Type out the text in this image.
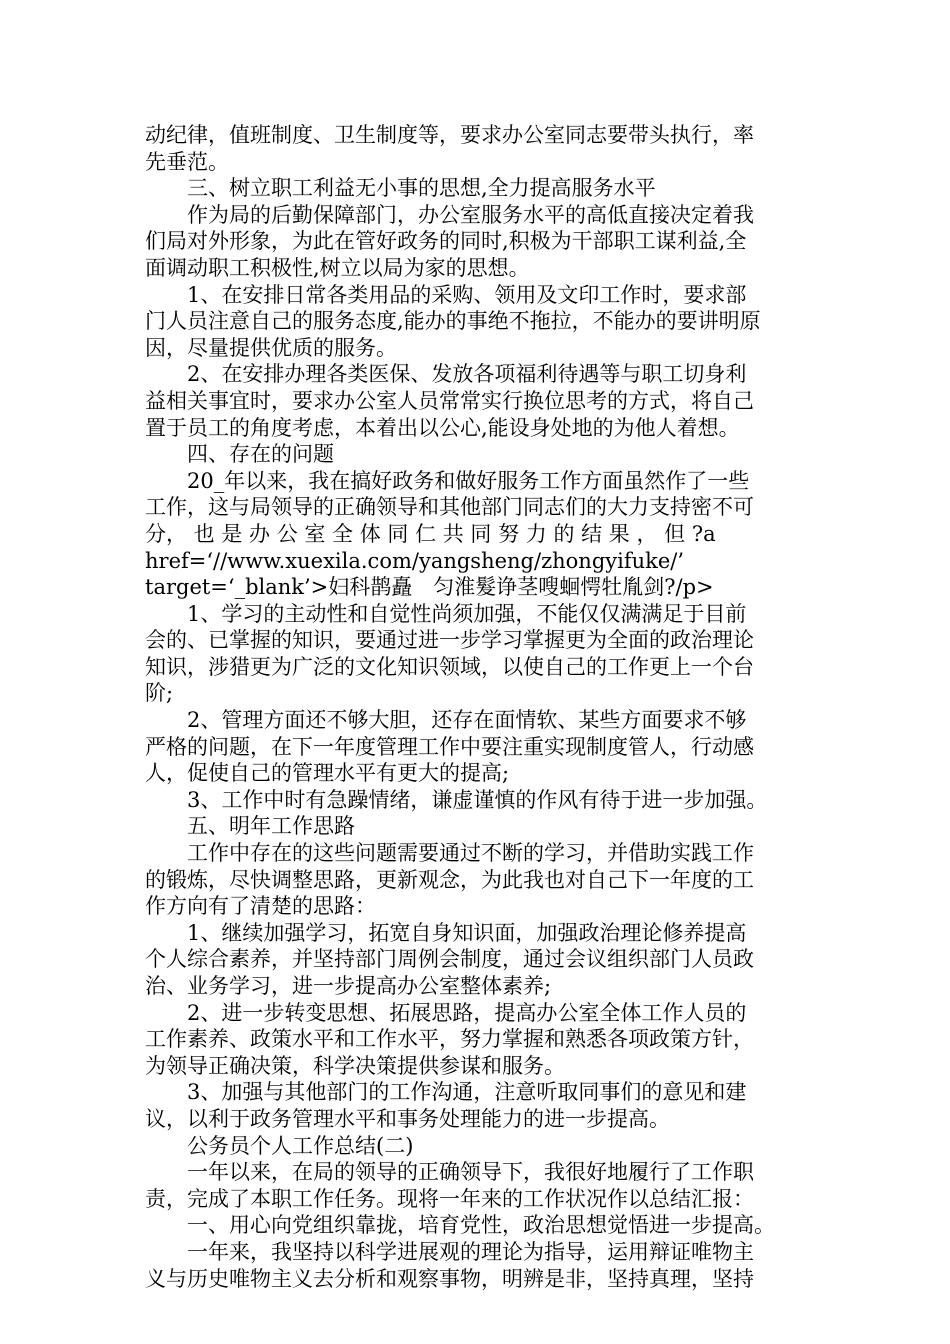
动纪律，值班制度、卫生制度等，要求办公室同志要带头执行，率
先垂范。
　　三、树立职工利益无小事的思想,全力提高服务水平
　　作为局的后勤保障部门，办公室服务水平的高低直接决定着我
们局对外形象，为此在管好政务的同时,积极为干部职工谋利益,全
面调动职工积极性,树立以局为家的思想。
　　1、在安排日常各类用品的采购、领用及文印工作时，要求部
门人员注意自己的服务态度,能办的事绝不拖拉，不能办的要讲明原
因，尽量提供优质的服务。
　　2、在安排办理各类医保、发放各项福利待遇等与职工切身利
益相关事宜时，要求办公室人员常常实行换位思考的方式，将自己
置于员工的角度考虑，本着出以公心,能设身处地的为他人着想。
　　四、存在的问题
　　20_年以来，我在搞好政务和做好服务工作方面虽然作了一些
工作，这与局领导的正确领导和其他部门同志们的大力支持密不可
分， 也 是 办 公 室 全 体 同 仁 共 同 努 力 的 结 果 ， 但 ?a
href=‘//www.xuexila.com/yangsheng/zhongyifuke/’
target=‘_blank’>妇科鹊矗　匀淮髮诤茎嗖蛔愕牡胤剑?/p>
　　1、学习的主动性和自觉性尚须加强，不能仅仅满满足于目前
会的、已掌握的知识，要通过进一步学习掌握更为全面的政治理论
知识，涉猎更为广泛的文化知识领域，以使自己的工作更上一个台
阶;
　　2、管理方面还不够大胆，还存在面情软、某些方面要求不够
严格的问题，在下一年度管理工作中要注重实现制度管人，行动感
人，促使自己的管理水平有更大的提高;
　　3、工作中时有急躁情绪，谦虚谨慎的作风有待于进一步加强。
　　五、明年工作思路
　　工作中存在的这些问题需要通过不断的学习，并借助实践工作
的锻炼，尽快调整思路，更新观念，为此我也对自己下一年度的工
作方向有了清楚的思路：
　　1、继续加强学习，拓宽自身知识面，加强政治理论修养提高
个人综合素养，并坚持部门周例会制度，通过会议组织部门人员政
治、业务学习，进一步提高办公室整体素养;
　　2、进一步转变思想、拓展思路，提高办公室全体工作人员的
工作素养、政策水平和工作水平，努力掌握和熟悉各项政策方针，
为领导正确决策，科学决策提供参谋和服务。
　　3、加强与其他部门的工作沟通，注意听取同事们的意见和建
议，以利于政务管理水平和事务处理能力的进一步提高。
　　公务员个人工作总结(二)
　　一年以来，在局的领导的正确领导下，我很好地履行了工作职
责，完成了本职工作任务。现将一年来的工作状况作以总结汇报：
　　一、用心向党组织靠拢，培育党性，政治思想觉悟进一步提高。
　　一年来，我坚持以科学进展观的理论为指导，运用辩证唯物主
义与历史唯物主义去分析和观察事物，明辨是非，坚持真理，坚持
